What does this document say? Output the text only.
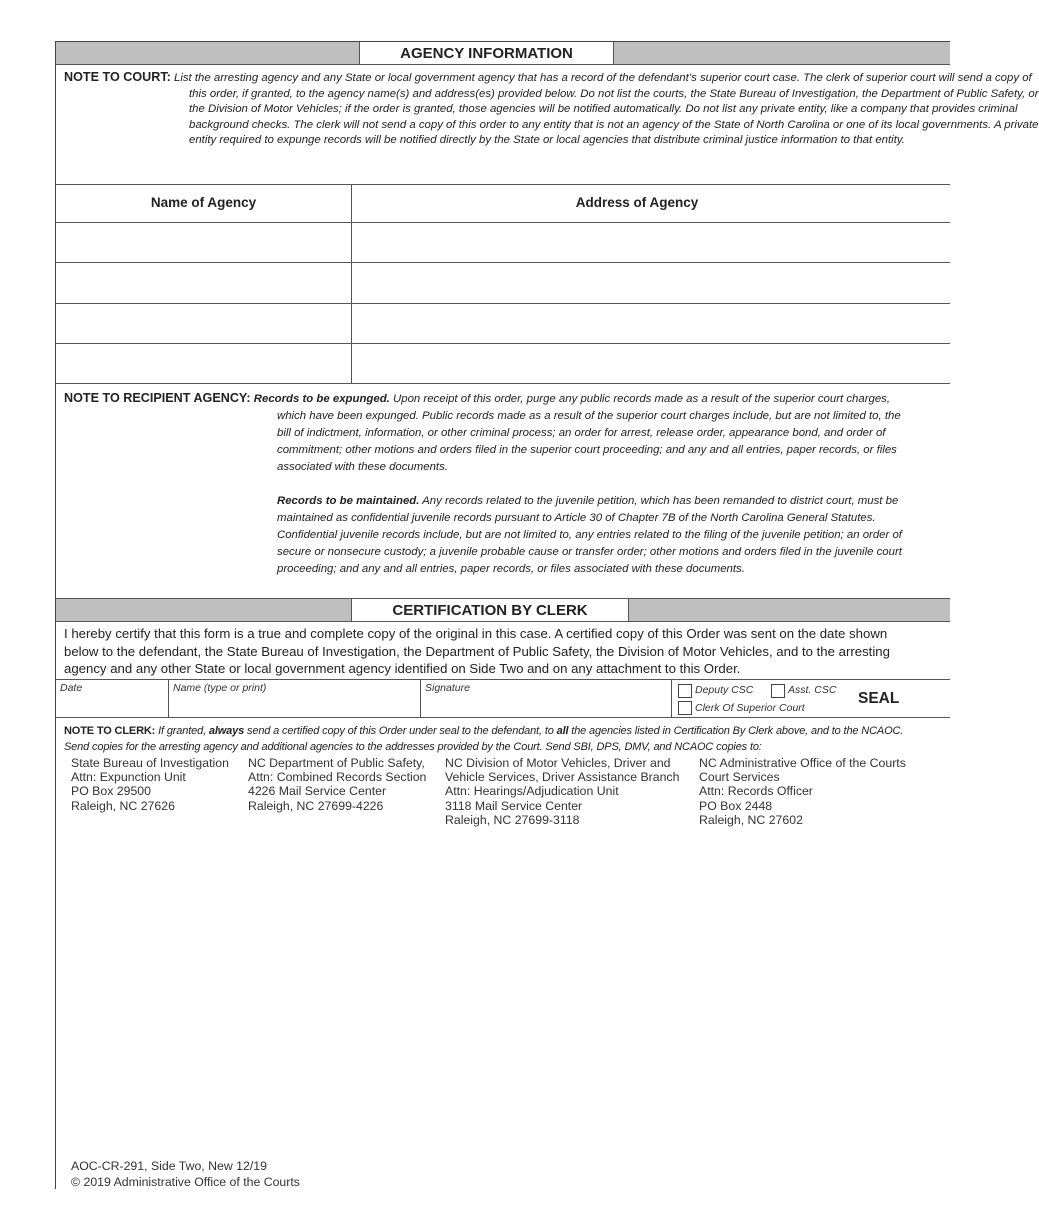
AGENCY INFORMATION
NOTE TO COURT: List the arresting agency and any State or local government agency that has a record of the defendant’s superior court case. The clerk of superior court will send a copy of this order, if granted, to the agency name(s) and address(es) provided below. Do not list the courts, the State Bureau of Investigation, the Department of Public Safety, or the Division of Motor Vehicles; if the order is granted, those agencies will be notified automatically. Do not list any private entity, like a company that provides criminal background checks. The clerk will not send a copy of this order to any entity that is not an agency of the State of North Carolina or one of its local governments. A private entity required to expunge records will be notified directly by the State or local agencies that distribute criminal justice information to that entity.
Name of Agency	Address of Agency

NOTE TO RECIPIENT AGENCY: Records to be expunged. Upon receipt of this order, purge any public records made as a result of the superior court charges, which have been expunged. Public records made as a result of the superior court charges include, but are not limited to, the bill of indictment, information, or other criminal process; an order for arrest, release order, appearance bond, and order of commitment; other motions and orders filed in the superior court proceeding; and any and all entries, paper records, or files associated with these documents.

Records to be maintained. Any records related to the juvenile petition, which has been remanded to district court, must be maintained as confidential juvenile records pursuant to Article 30 of Chapter 7B of the North Carolina General Statutes. Confidential juvenile records include, but are not limited to, any entries related to the filing of the juvenile petition; an order of secure or nonsecure custody; a juvenile probable cause or transfer order; other motions and orders filed in the juvenile court proceeding; and any and all entries, paper records, or files associated with these documents.

CERTIFICATION BY CLERK
I hereby certify that this form is a true and complete copy of the original in this case. A certified copy of this Order was sent on the date shown below to the defendant, the State Bureau of Investigation, the Department of Public Safety, the Division of Motor Vehicles, and to the arresting agency and any other State or local government agency identified on Side Two and on any attachment to this Order.
Date	Name (type or print)	Signature	Deputy CSC	Asst. CSC
Clerk Of Superior Court
SEAL
NOTE TO CLERK: If granted, always send a certified copy of this Order under seal to the defendant, to all the agencies listed in Certification By Clerk above, and to the NCAOC. Send copies for the arresting agency and additional agencies to the addresses provided by the Court. Send SBI, DPS, DMV, and NCAOC copies to:
State Bureau of Investigation
Attn: Expunction Unit
PO Box 29500
Raleigh, NC 27626
NC Department of Public Safety,
Attn: Combined Records Section
4226 Mail Service Center
Raleigh, NC 27699-4226
NC Division of Motor Vehicles, Driver and
Vehicle Services, Driver Assistance Branch
Attn: Hearings/Adjudication Unit
3118 Mail Service Center
Raleigh, NC 27699-3118
NC Administrative Office of the Courts
Court Services
Attn: Records Officer
PO Box 2448
Raleigh, NC 27602
AOC-CR-291, Side Two, New 12/19
© 2019 Administrative Office of the Courts
